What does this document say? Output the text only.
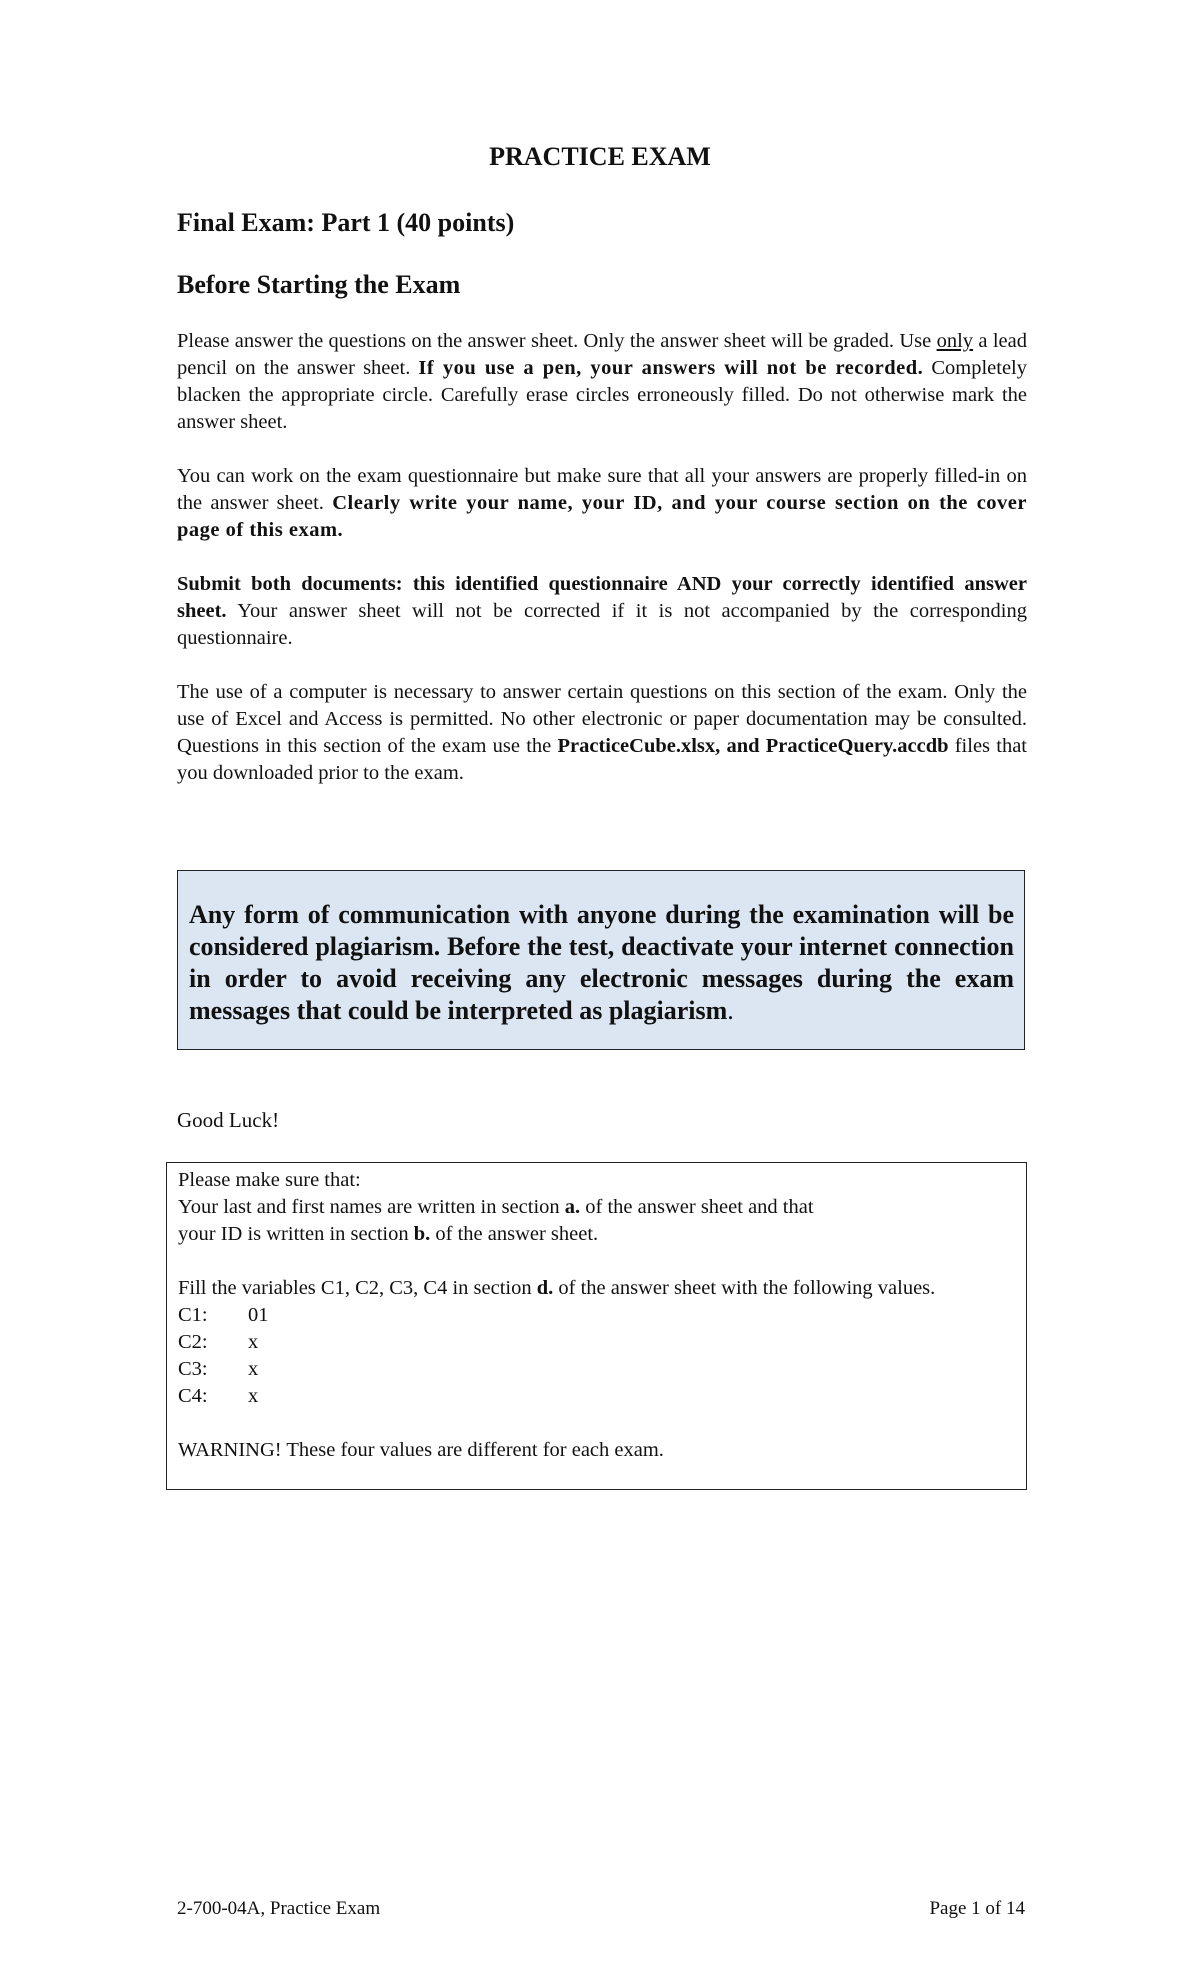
PRACTICE EXAM
Final Exam: Part 1 (40 points)
Before Starting the Exam
Please answer the questions on the answer sheet. Only the answer sheet will be graded. Use only a lead pencil on the answer sheet. If you use a pen, your answers will not be recorded. Completely blacken the appropriate circle. Carefully erase circles erroneously filled. Do not otherwise mark the answer sheet.
You can work on the exam questionnaire but make sure that all your answers are properly filled-in on the answer sheet. Clearly write your name, your ID, and your course section on the cover page of this exam.
Submit both documents: this identified questionnaire AND your correctly identified answer sheet. Your answer sheet will not be corrected if it is not accompanied by the corresponding questionnaire.
The use of a computer is necessary to answer certain questions on this section of the exam. Only the use of Excel and Access is permitted. No other electronic or paper documentation may be consulted. Questions in this section of the exam use the PracticeCube.xlsx, and PracticeQuery.accdb files that you downloaded prior to the exam.
Any form of communication with anyone during the examination will be considered plagiarism. Before the test, deactivate your internet connection in order to avoid receiving any electronic messages during the exam messages that could be interpreted as plagiarism.
Good Luck!
Please make sure that:
Your last and first names are written in section a. of the answer sheet and that
your ID is written in section b. of the answer sheet.
Fill the variables C1, C2, C3, C4 in section d. of the answer sheet with the following values.
C1:	01
C2:	x
C3:	x
C4:	x
WARNING! These four values are different for each exam.
2-700-04A, Practice Exam	Page 1 of 14
